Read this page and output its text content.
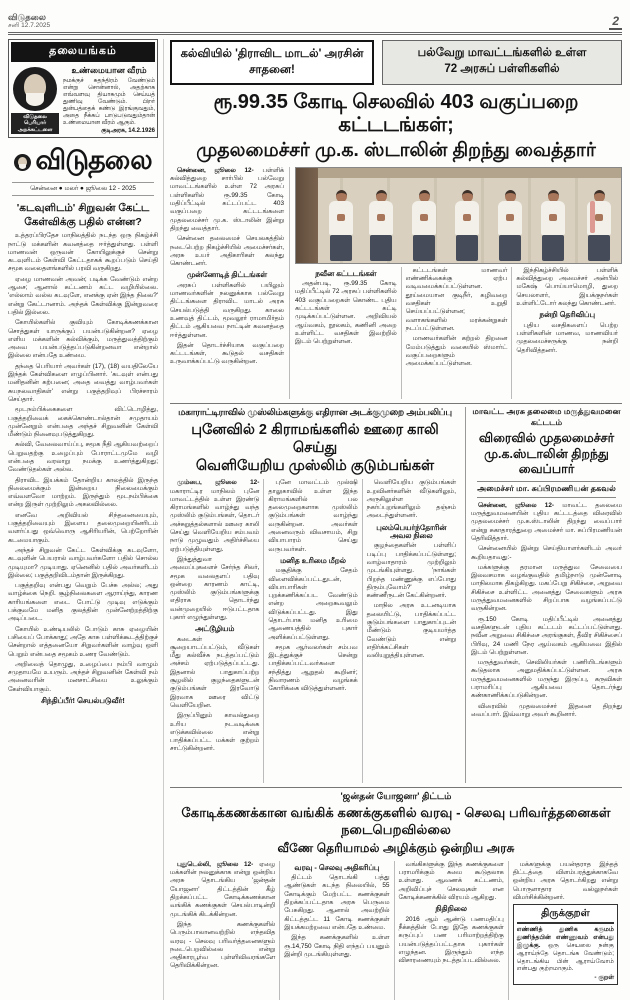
விடுதலை
சனி 12.7.2025	2
தலையங்கம்
விடுதலை பெரியார் அறக்கட்டளை
உண்மையான வீரம்
நமக்குச் சுதந்திரம் வேண்டும் என்று சொன்னால், அதற்காக எவ்வளவு தியாகமும் செய்யத் துணிவு வேண்டும். பிறர் துன்பத்தைக் கண்டு இரங்குவதும், அதை நீக்கப் பாடுபடுவதும்தான் உண்மையான வீரம் ஆகும்.
குடிஅரசு, 14.2.1926
விடுதலை
சென்னை ● மலர் ● ஜூலை 12 - 2025
'கடவுளிடம்' சிறுவன் கேட்ட
கேள்விக்கு பதில் என்ன?

உத்தரப்பிரதேச மாநிலத்தில் நடந்த ஒரு நிகழ்ச்சி நாட்டு மக்களின் கவனத்தை ஈர்த்துள்ளது. பள்ளி மாணவன் ஒருவன் கோயிலுக்குச் சென்று கடவுளிடம் கேள்வி கேட்டதாகக் கூறப்படும் செய்தி சமூக வலைதளங்களில் பரவி வருகிறது.

ஏழை மாணவன் அவன்; படிக்க வேண்டும் என்ற ஆசை; ஆனால் கட்டணம் கட்ட வழியில்லை. 'எல்லாம் வல்ல கடவுளே, எனக்கு ஏன் இந்த நிலை?' என்று கேட்டானாம். அந்தக் கேள்விக்கு இன்றுவரை பதில் இல்லை.

கோயில்களில் குவியும் கோடிக்கணக்கான சொத்துகள் யாருக்குப் பயன்படுகின்றன? ஏழை எளிய மக்களின் கல்விக்கும், மருத்துவத்திற்கும் அவை பயன்படுத்தப்படுகின்றனவா என்றால் இல்லை என்பதே உண்மை.

தந்தை பெரியார் அவர்கள் (17), (18) வயதிலேயே இந்தக் கேள்விகளை எழுப்பினார். 'கடவுள் என்பது மனிதனின் கற்பனை; அதை வைத்து வாழ்பவர்கள் சுயநலவாதிகள்' என்று பகுத்தறிவுப் பிரச்சாரம் செய்தார்.

மூடநம்பிக்கைகளை விட்டொழித்து, பகுத்தறிவைக் கைக்கொண்டால்தான் சமுதாயம் முன்னேறும் என்பதை அந்தச் சிறுவனின் கேள்வி மீண்டும் நினைவுபடுத்துகிறது.

கல்வி, வேலைவாய்ப்பு, சமூக நீதி ஆகியவற்றைப் பெறுவதற்கு உழைப்பும் போராட்டமுமே வழி என்பதை வரலாறு நமக்கு உணர்த்துகிறது; வேண்டுதல்கள் அல்ல.

திராவிட இயக்கம் தோன்றிய காலத்தில் இருந்த நிலைமைக்கும் இன்றைய நிலைமைக்கும் எவ்வளவோ மாற்றம். இருந்தும் மூடநம்பிக்கை என்ற இருள் முற்றிலும் அகலவில்லை.

எனவே அறிவியல் சிந்தனையையும், பகுத்தறிவையும் இளைய தலைமுறையினரிடம் வளர்ப்பது ஒவ்வொரு ஆசிரியரின், பெற்றோரின் கடமையாகும்.

அந்தச் சிறுவன் கேட்ட கேள்விக்கு கடவுளோ, கடவுளின் பெயரால் வாழ்பவர்களோ பதில் சொல்ல முடியுமா? முடியாது. ஏனெனில் பதில் அவர்களிடம் இல்லை; பகுத்தறிவிடம்தான் இருக்கிறது.

பகுத்தறிவு என்பது வெறும் பேச்சு அல்ல; அது வாழ்க்கை நெறி. சூழ்நிலைகளை ஆராய்ந்து, காரண காரியங்களை எடை போட்டு முடிவு எடுக்கும் பக்குவமே மனித குலத்தின் முன்னேற்றத்திற்கு அடிப்படை.

கோயில் உண்டியலில் போடும் காசு ஏழையின் பசியைப் போக்காது; அதே காசு பள்ளிக்கூடத்திற்குச் சென்றால் எத்தனையோ சிறுவர்களின் வாழ்வு ஒளி பெறும் என்பதை சமூகம் உணர வேண்டும்.

அறிவைத் தொழுது, உழைப்பை நம்பி வாழும் சமுதாயமே உயரும். அந்தச் சிறுவனின் கேள்வி நம் அனைவரின் மனசாட்சியை உலுக்கும் கேள்வியாகும்.

சிந்திப்பீர்! செயல்படுவீர்!
கல்வியில் 'திராவிட மாடல்' அரசின் சாதனை!
பல்வேறு மாவட்டங்களில் உள்ள
72 அரசுப் பள்ளிகளில்
ரூ.99.35 கோடி செலவில் 403 வகுப்பறை கட்டடங்கள்;
முதலமைச்சர் மு.க. ஸ்டாலின் திறந்து வைத்தார்

சென்னை, ஜூலை 12- பள்ளிக் கல்வித்துறை சார்பில் பல்வேறு மாவட்டங்களில் உள்ள 72 அரசுப் பள்ளிகளில் ரூ.99.35 கோடி மதிப்பீட்டில் கட்டப்பட்ட 403 வகுப்பறை கட்டடங்களை முதலமைச்சர் மு.க. ஸ்டாலின் இன்று திறந்து வைத்தார்.

சென்னை தலைமைச் செயலகத்தில் நடைபெற்ற நிகழ்ச்சியில் அமைச்சர்கள், அரசு உயர் அதிகாரிகள் கலந்து கொண்டனர்.

முன்னோடித் திட்டங்கள்

அரசுப் பள்ளிகளில் பயிலும் மாணவர்களின் நலனுக்காக பல்வேறு திட்டங்களை திராவிட மாடல் அரசு செயல்படுத்தி வருகிறது. காலை உணவுத் திட்டம், மூவலூர் ராமாமிர்தம் திட்டம் ஆகியவை நாட்டின் கவனத்தை ஈர்த்துள்ளன.

இதன் தொடர்ச்சியாக வகுப்பறை கட்டடங்கள், கூடுதல் வசதிகள் உருவாக்கப்பட்டு வருகின்றன.

நவீன கட்டடங்கள்

அதன்படி, ரூ.99.35 கோடி மதிப்பீட்டில் 72 அரசுப் பள்ளிகளில் 403 வகுப்பறைகள் கொண்ட புதிய கட்டடங்கள் கட்டி முடிக்கப்பட்டுள்ளன. அறிவியல் ஆய்வகம், நூலகம், கணினி அறை உள்ளிட்ட வசதிகள் இவற்றில் இடம் பெற்றுள்ளன.

கட்டடங்கள் மாணவர் எண்ணிக்கைக்கு ஏற்ப வடிவமைக்கப்பட்டுள்ளன. தூய்மையான குடிநீர், கழிவறை வசதிகள் உறுதி செய்யப்பட்டுள்ளன; வளாகங்களில் மரக்கன்றுகள் நடப்பட்டுள்ளன.

மாணவர்களின் கற்றல் திறனை மேம்படுத்தும் வகையில் ஸ்மார்ட் வகுப்பறைகளும் அமைக்கப்பட்டுள்ளன.

இந்நிகழ்ச்சியில் பள்ளிக் கல்வித்துறை அமைச்சர் அன்பில் மகேஷ் பொய்யாமொழி, துறை செயலாளர், இயக்குநர்கள் உள்ளிட்டோர் கலந்து கொண்டனர்.

நன்றி தெரிவிப்பு

புதிய வசதிகளைப் பெற்ற பள்ளிகளின் மாணவ, மாணவியர் முதலமைச்சருக்கு நன்றி தெரிவித்தனர்.

மகாராட்டிராவில் முஸ்லிம்களுக்கு எதிரான அடக்குமுறை அம்பலிப்பு
புனேவில் 2 கிராமங்களில் ஊரை காலி செய்து
வெளியேறிய முஸ்லிம் குடும்பங்கள்

மும்பை, ஜூலை 12- மகாராட்டிர மாநிலம் புனே மாவட்டத்தில் உள்ள இரண்டு கிராமங்களில் வாழ்ந்து வந்த முஸ்லிம் குடும்பங்கள், தொடர் அச்சுறுத்தல்களால் ஊரை காலி செய்து வெளியேறிய சம்பவம் நாடு முழுவதும் அதிர்ச்சியை ஏற்படுத்தியுள்ளது.

இந்துத்துவா அமைப்புகளைச் சேர்ந்த சிலர், சமூக வலைதளப் பதிவு ஒன்றை காரணம் காட்டி, முஸ்லிம் குடும்பங்களுக்கு எதிராக தொடர்ந்து வன்முறையில் ஈடுபட்டதாக புகார் எழுந்துள்ளது.

அட்டூழியம்

கடைகள் சூறையாடப்பட்டும், வீடுகள் மீது கல்வீச்சு நடத்தப்பட்டும் அச்சம் ஏற்படுத்தப்பட்டது. இதனால் பாதுகாப்பற்ற சூழலில் குழந்தைகளுடன் குடும்பங்கள் இரவோடு இரவாக ஊரை விட்டு வெளியேறின.

இருப்பினும் காவல்துறை உரிய நடவடிக்கை எடுக்கவில்லை என்று பாதிக்கப்பட்ட மக்கள் குற்றம் சாட்டுகின்றனர்.

புனே மாவட்டம் முல்ஷி தாலுகாவில் உள்ள இந்த கிராமங்களில் பல தலைமுறைகளாக முஸ்லிம் குடும்பங்கள் வாழ்ந்து வருகின்றன. அவர்கள் அனைவரும் விவசாயம், சிறு வியாபாரம் செய்து வருபவர்கள்.

மனித உரிமை மீறல்

மசூதிக்கு சேதம் விளைவிக்கப்பட்டதுடன், வியாபாரிகள் புறக்கணிக்கப்பட வேண்டும் என்ற அறைகூவலும் விடுக்கப்பட்டது. இது தொடர்பாக மனித உரிமை ஆணையத்தில் புகார் அளிக்கப்பட்டுள்ளது.

சமூக ஆர்வலர்கள் சம்பவ இடத்துக்குச் சென்று பாதிக்கப்பட்டவர்களை சந்தித்து ஆறுதல் கூறினர்; நிவாரணம் வழங்கக் கோரிக்கை விடுத்துள்ளனர்.

வெளியேறிய குடும்பங்கள் உறவினர்களின் வீடுகளிலும், அருகிலுள்ள நகர்ப்புறங்களிலும் தஞ்சம் அடைந்துள்ளனர்.

புலம்பெயர்ந்தோரின் அவல நிலை

குழந்தைகளின் பள்ளிப் படிப்பு பாதிக்கப்பட்டுள்ளது; வாழ்வாதாரம் முற்றிலும் முடங்கியுள்ளது. 'நாங்கள் பிறந்த மண்ணுக்கு எப்போது திரும்புவோம்?' என்று கண்ணீருடன் கேட்கின்றனர்.

மாநில அரசு உடனடியாக தலையிட்டு, பாதிக்கப்பட்ட குடும்பங்களை பாதுகாப்புடன் மீண்டும் குடியமர்த்த வேண்டும் என்று எதிர்க்கட்சிகள் வலியுறுத்தியுள்ளன.

மாவட்ட அரசு தலைமை மருத்துவமனை கட்டடம்
விரைவில் முதலமைச்சர்
மு.க.ஸ்டாலின் திறந்து வைப்பார்
அமைச்சர் மா. சுப்பிரமணியன் தகவல்

சென்னை, ஜூலை 12- மாவட்ட தலைமை மருத்துவமனையின் புதிய கட்டடத்தை விரைவில் முதலமைச்சர் மு.க.ஸ்டாலின் திறந்து வைப்பார் என்று சுகாதாரத்துறை அமைச்சர் மா. சுப்பிரமணியன் தெரிவித்தார்.

சென்னையில் இன்று செய்தியாளர்களிடம் அவர் கூறியதாவது:-

மக்களுக்கு தரமான மருத்துவ சேவையை இலவசமாக வழங்குவதில் தமிழ்நாடு முன்னோடி மாநிலமாக திகழ்கிறது. மகப்பேறு சிகிச்சை, அறுவை சிகிச்சை உள்ளிட்ட அனைத்து சேவைகளும் அரசு மருத்துவமனைகளில் சிறப்பாக வழங்கப்பட்டு வருகின்றன.

ரூ.150 கோடி மதிப்பீட்டில் அனைத்து வசதிகளுடன் புதிய கட்டடம் கட்டப்பட்டுள்ளது. நவீன அறுவை சிகிச்சை அரங்குகள், தீவிர சிகிச்சைப் பிரிவு, 24 மணி நேர ஆய்வகம் ஆகியவை இதில் இடம் பெற்றுள்ளன.

மருத்துவர்கள், செவிலியர்கள் பணியிடங்களும் கூடுதலாக அனுமதிக்கப்பட்டுள்ளன. அரசு மருத்துவமனைகளில் மருந்து இருப்பு, கருவிகள் பராமரிப்பு ஆகியவை தொடர்ந்து கண்காணிக்கப்படுகின்றன.

விரைவில் முதலமைச்சர் இதனை திறந்து வைப்பார். இவ்வாறு அவர் கூறினார்.

'ஜன்தன் யோஜனா' திட்டம்
கோடிக்கணக்கான வங்கிக் கணக்குகளில் வரவு - செலவு பரிவர்த்தனைகள் நடைபெறவில்லை
வீணே தெரியாமல் அழிக்கும் ஒன்றிய அரசு

புதுடெல்லி, ஜூலை 12- ஏழை மக்களின் நலனுக்காக என்று ஒன்றிய அரசு தொடங்கிய 'ஜன்தன் யோஜனா' திட்டத்தின் கீழ் திறக்கப்பட்ட கோடிக்கணக்கான வங்கிக் கணக்குகள் செயல்பாடின்றி முடங்கிக் கிடக்கின்றன.

இந்த கணக்குகளில் பெரும்பாலானவற்றில் எந்தவித வரவு - செலவு பரிவர்த்தனைகளும் நடைபெறவில்லை என்று அதிகாரபூர்வ புள்ளிவிவரங்களே தெரிவிக்கின்றன.

வரவு - செலவு அதிகரிப்பு

திட்டம் தொடங்கி பத்து ஆண்டுகள் கடந்த நிலையில், 55 கோடிக்கும் மேற்பட்ட கணக்குகள் திறக்கப்பட்டதாக அரசு பெருமை பேசுகிறது. ஆனால் அவற்றில் கிட்டத்தட்ட 11 கோடி கணக்குகள் இயக்கமற்றவை என்பதே உண்மை.

இந்த கணக்குகளில் உள்ள ரூ.14,750 கோடி நிதி எந்தப் பயனும் இன்றி முடங்கியுள்ளது.

வங்கிகளுக்கு இந்த கணக்குகளை பராமரிக்கும் சுமை கூடுதலாக உள்ளது. ஆவணக் கட்டணம், அறிவிப்புச் செலவுகள் என கோடிக்கணக்கில் விரயம் ஆகிறது.

நிதிநிலை

2016 ஆம் ஆண்டு பணமதிப்பு நீக்கத்தின் போது இதே கணக்குகள் கருப்புப் பண பரிமாற்றத்திற்கு பயன்படுத்தப்பட்டதாக புகார்கள் எழுந்தன. இருந்தும் எந்த விசாரணையும் நடத்தப்படவில்லை.

மக்களுக்கு பயன்தராத இந்தத் திட்டத்தை விளம்பரத்துக்காகவே ஒன்றிய அரசு தொடர்கிறது என்று பொருளாதார வல்லுநர்கள் விமர்சிக்கின்றனர்.

திருக்குறள்
எண்ணித் துணிக கருமம் துணிந்தபின் எண்ணுவம் என்பது இழுக்கு. ஒரு செயலை நன்கு ஆராய்ந்தே தொடங்க வேண்டும்; தொடங்கிய பின் ஆராய்வோம் என்பது குற்றமாகும்.
- குறள்
